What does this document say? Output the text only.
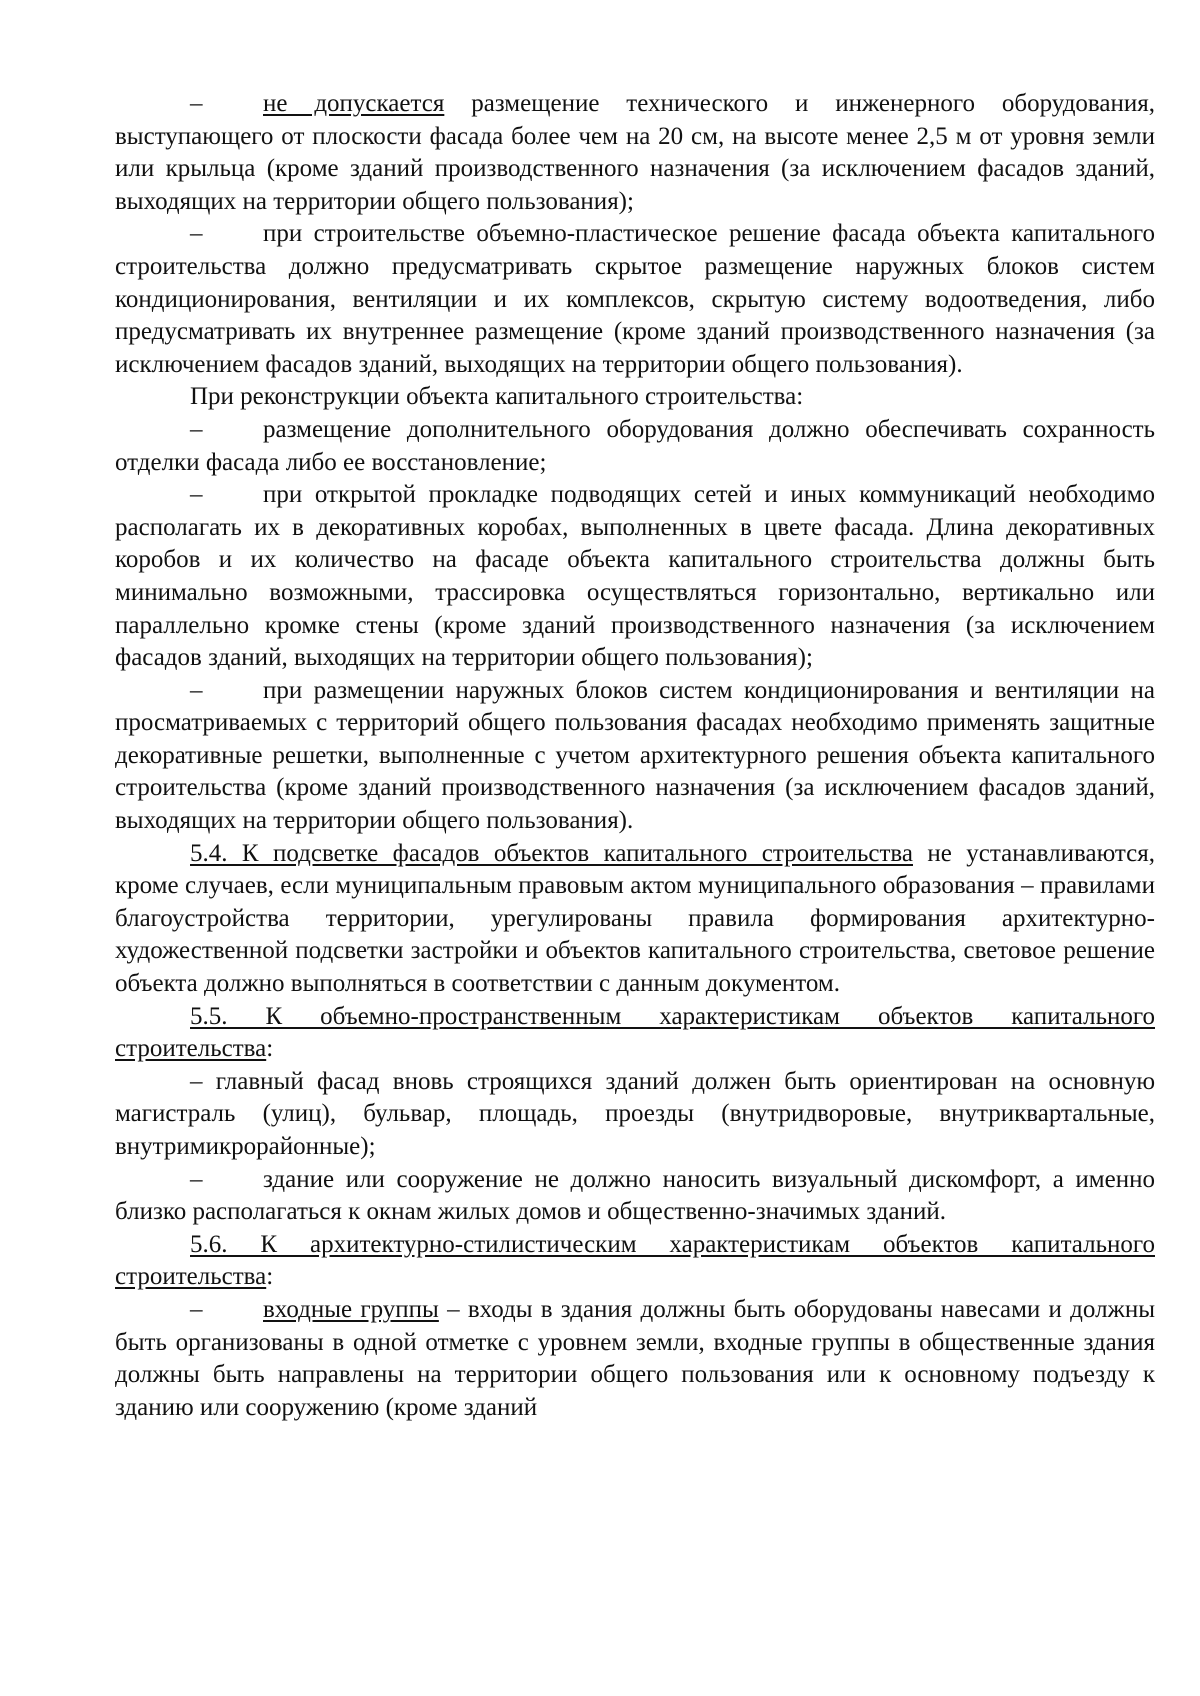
– не допускается размещение технического и инженерного оборудования, выступающего от плоскости фасада более чем на 20 см, на высоте менее 2,5 м от уровня земли или крыльца (кроме зданий производственного назначения (за исключением фасадов зданий, выходящих на территории общего пользования);

– при строительстве объемно-пластическое решение фасада объекта капитального строительства должно предусматривать скрытое размещение наружных блоков систем кондиционирования, вентиляции и их комплексов, скрытую систему водоотведения, либо предусматривать их внутреннее размещение (кроме зданий производственного назначения (за исключением фасадов зданий, выходящих на территории общего пользования).

При реконструкции объекта капитального строительства:

– размещение дополнительного оборудования должно обеспечивать сохранность отделки фасада либо ее восстановление;

– при открытой прокладке подводящих сетей и иных коммуникаций необходимо располагать их в декоративных коробах, выполненных в цвете фасада. Длина декоративных коробов и их количество на фасаде объекта капитального строительства должны быть минимально возможными, трассировка осуществляться горизонтально, вертикально или параллельно кромке стены (кроме зданий производственного назначения (за исключением фасадов зданий, выходящих на территории общего пользования);

– при размещении наружных блоков систем кондиционирования и вентиляции на просматриваемых с территорий общего пользования фасадах необходимо применять защитные декоративные решетки, выполненные с учетом архитектурного решения объекта капитального строительства (кроме зданий производственного назначения (за исключением фасадов зданий, выходящих на территории общего пользования).

5.4. К подсветке фасадов объектов капитального строительства не устанавливаются, кроме случаев, если муниципальным правовым актом муниципального образования – правилами благоустройства территории, урегулированы правила формирования архитектурно-художественной подсветки застройки и объектов капитального строительства, световое решение объекта должно выполняться в соответствии с данным документом.

5.5. К объемно-пространственным характеристикам объектов капитального строительства:

– главный фасад вновь строящихся зданий должен быть ориентирован на основную магистраль (улиц), бульвар, площадь, проезды (внутридворовые, внутриквартальные, внутримикрорайонные);

– здание или сооружение не должно наносить визуальный дискомфорт, а именно близко располагаться к окнам жилых домов и общественно-значимых зданий.

5.6. К архитектурно-стилистическим характеристикам объектов капитального строительства:

– входные группы – входы в здания должны быть оборудованы навесами и должны быть организованы в одной отметке с уровнем земли, входные группы в общественные здания должны быть направлены на территории общего пользования или к основному подъезду к зданию или сооружению (кроме зданий
